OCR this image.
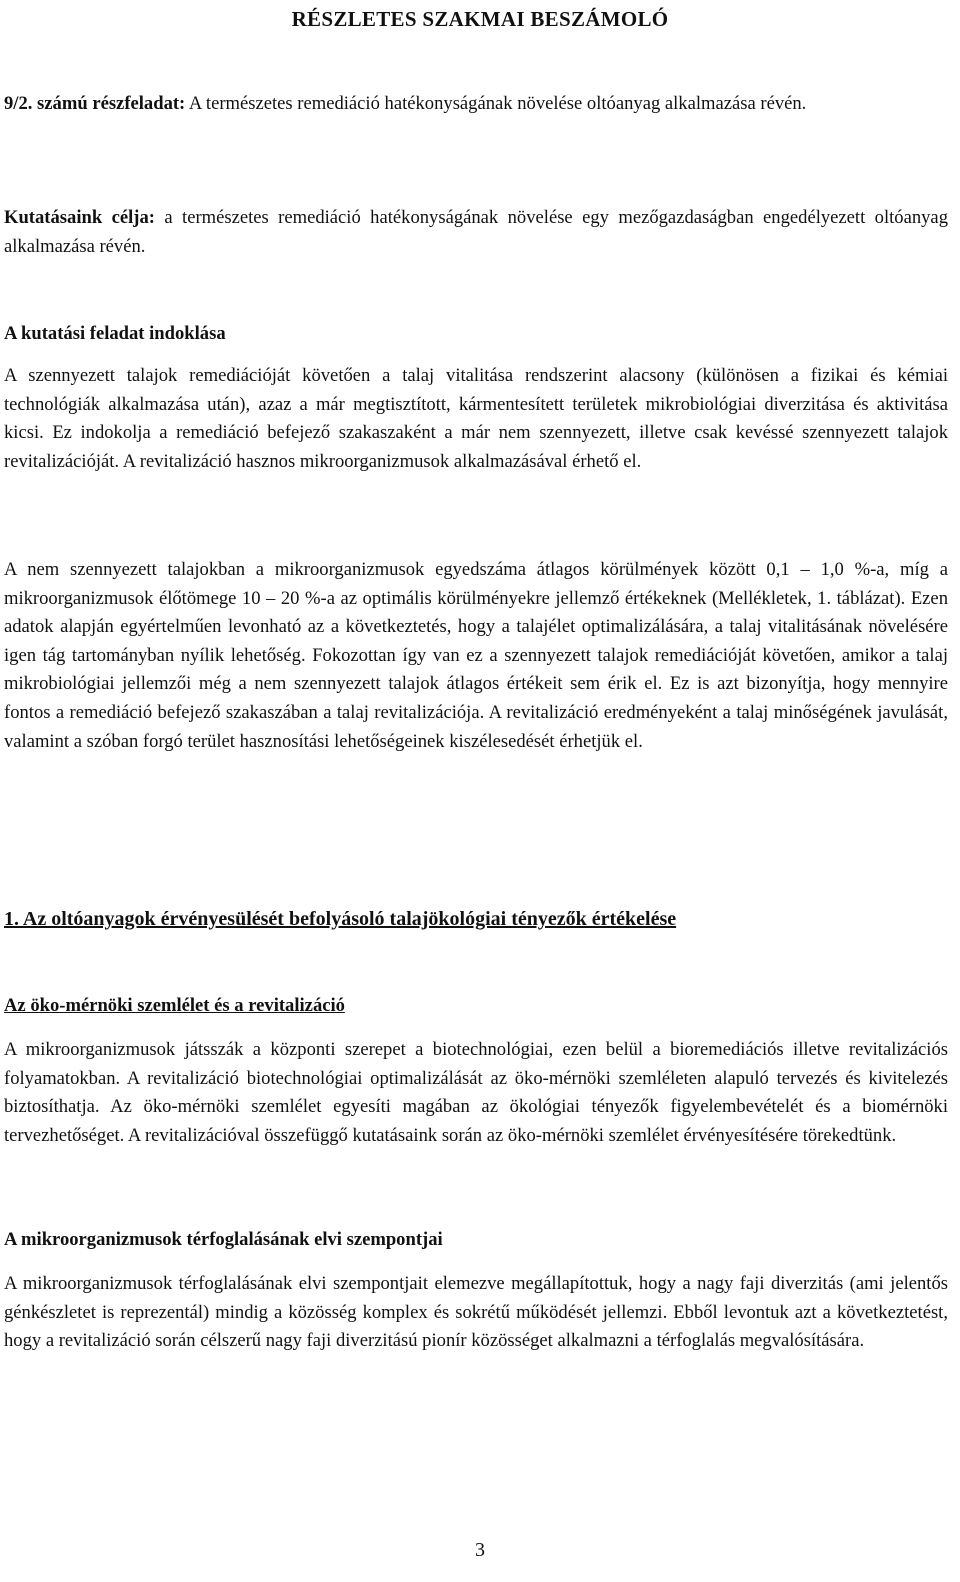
RÉSZLETES SZAKMAI BESZÁMOLÓ

9/2. számú részfeladat: A természetes remediáció hatékonyságának növelése oltóanyag alkalmazása révén.

Kutatásaink célja: a természetes remediáció hatékonyságának növelése egy mezőgazdaságban engedélyezett oltóanyag alkalmazása révén.

A kutatási feladat indoklása

A szennyezett talajok remediációját követően a talaj vitalitása rendszerint alacsony (különösen a fizikai és kémiai technológiák alkalmazása után), azaz a már megtisztított, kármentesített területek mikrobiológiai diverzitása és aktivitása kicsi. Ez indokolja a remediáció befejező szakaszaként a már nem szennyezett, illetve csak kevéssé szennyezett talajok revitalizációját. A revitalizáció hasznos mikroorganizmusok alkalmazásával érhető el.

A nem szennyezett talajokban a mikroorganizmusok egyedszáma átlagos körülmények között 0,1 – 1,0 %-a, míg a mikroorganizmusok élőtömege 10 – 20 %-a az optimális körülményekre jellemző értékeknek (Mellékletek, 1. táblázat). Ezen adatok alapján egyértelműen levonható az a következtetés, hogy a talajélet optimalizálására, a talaj vitalitásának növelésére igen tág tartományban nyílik lehetőség. Fokozottan így van ez a szennyezett talajok remediációját követően, amikor a talaj mikrobiológiai jellemzői még a nem szennyezett talajok átlagos értékeit sem érik el. Ez is azt bizonyítja, hogy mennyire fontos a remediáció befejező szakaszában a talaj revitalizációja. A revitalizáció eredményeként a talaj minőségének javulását, valamint a szóban forgó terület hasznosítási lehetőségeinek kiszélesedését érhetjük el.

1. Az oltóanyagok érvényesülését befolyásoló talajökológiai tényezők értékelése
Az öko-mérnöki szemlélet és a revitalizáció

A mikroorganizmusok játsszák a központi szerepet a biotechnológiai, ezen belül a bioremediációs illetve revitalizációs folyamatokban. A revitalizáció biotechnológiai optimalizálását az öko-mérnöki szemléleten alapuló tervezés és kivitelezés biztosíthatja. Az öko-mérnöki szemlélet egyesíti magában az ökológiai tényezők figyelembevételét és a biomérnöki tervezhetőséget. A revitalizációval összefüggő kutatásaink során az öko-mérnöki szemlélet érvényesítésére törekedtünk.

A mikroorganizmusok térfoglalásának elvi szempontjai

A mikroorganizmusok térfoglalásának elvi szempontjait elemezve megállapítottuk, hogy a nagy faji diverzitás (ami jelentős génkészletet is reprezentál) mindig a közösség komplex és sokrétű működését jellemzi. Ebből levontuk azt a következtetést, hogy a revitalizáció során célszerű nagy faji diverzitású pionír közösséget alkalmazni a térfoglalás megvalósítására.

3
